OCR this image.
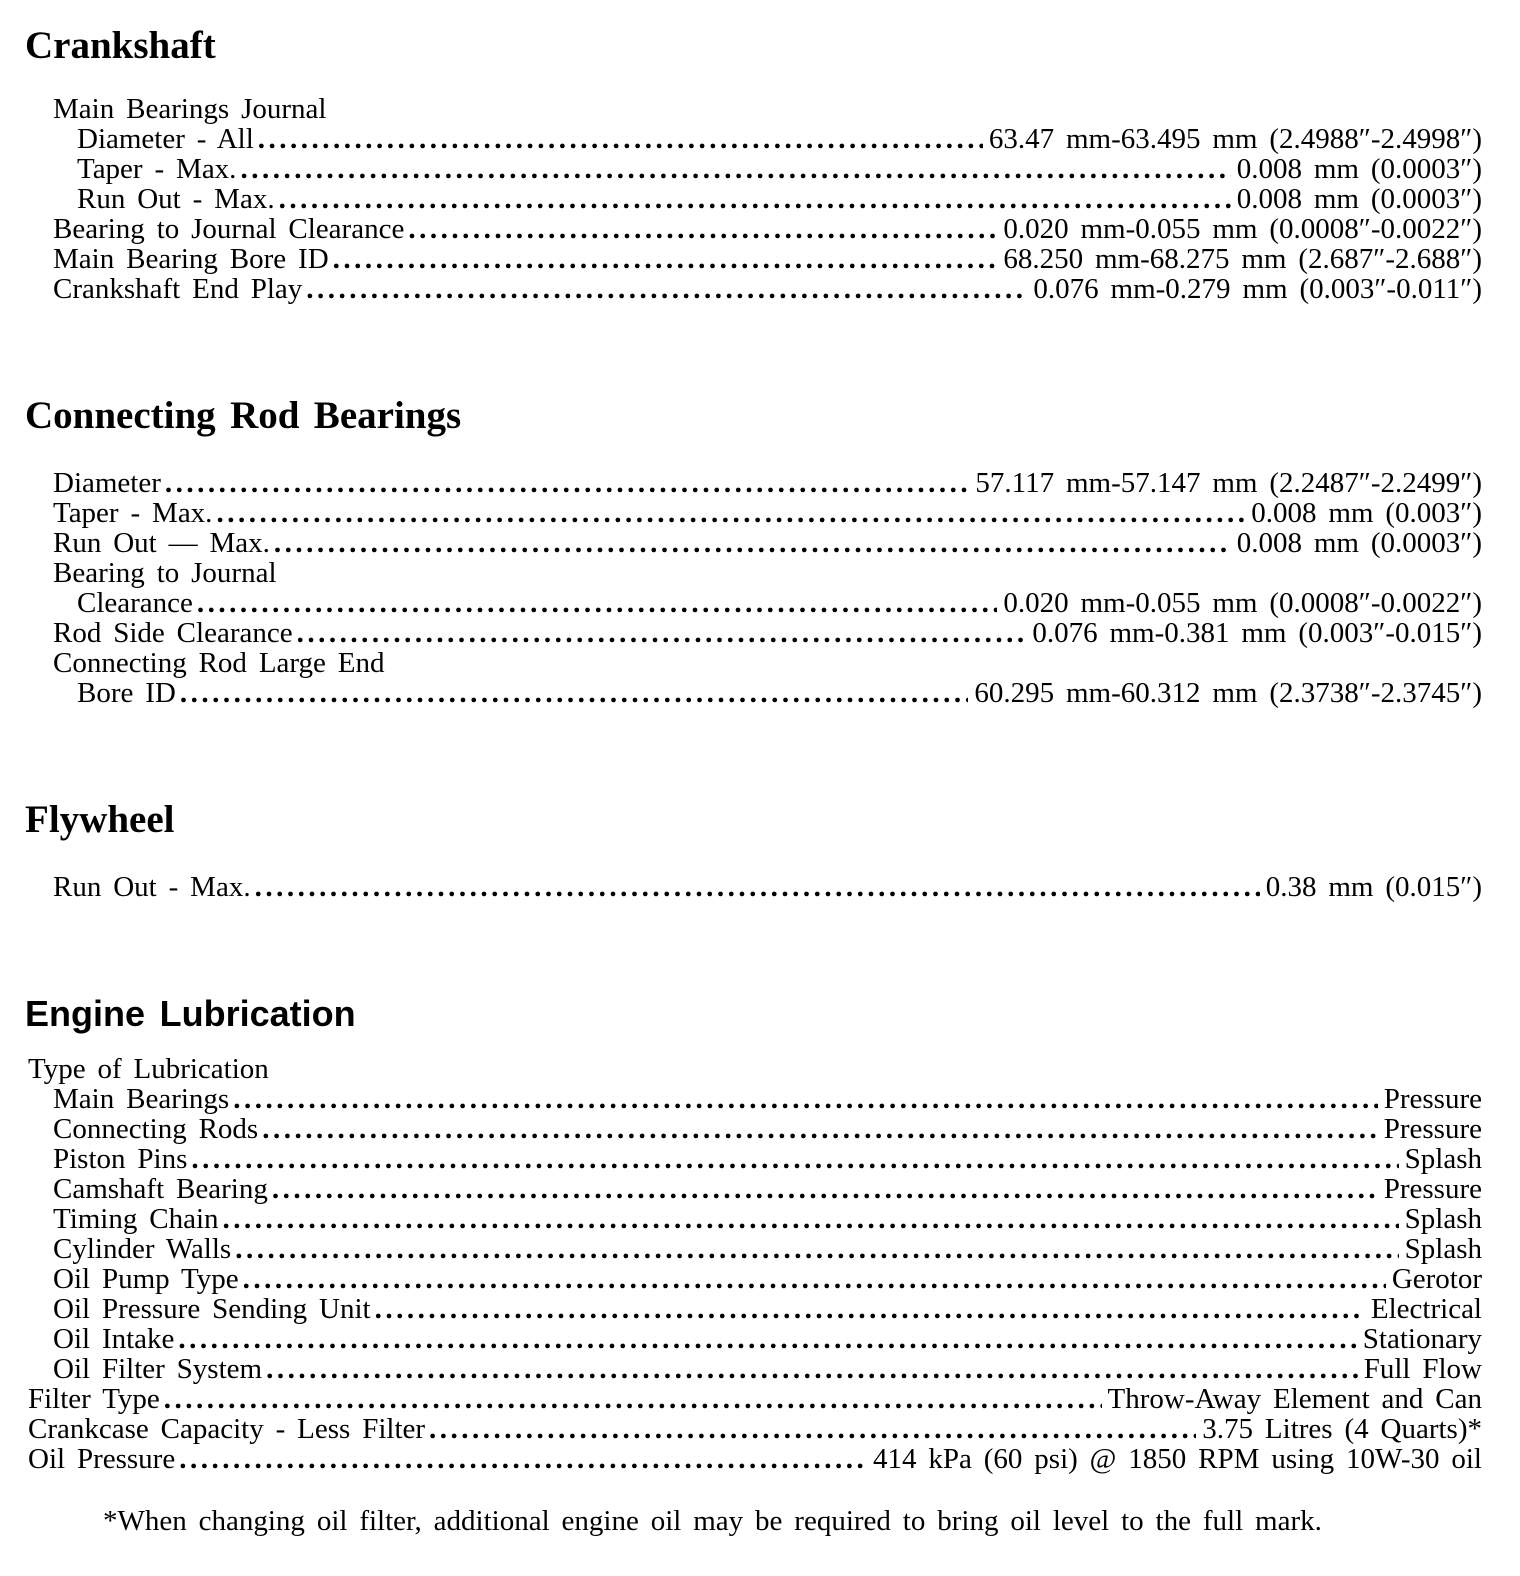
Crankshaft
Main Bearings Journal
Diameter - All .....	63.47 mm-63.495 mm (2.4988″-2.4998″)
Taper - Max. .....	0.008 mm (0.0003″)
Run Out - Max. .....	0.008 mm (0.0003″)
Bearing to Journal Clearance .....	0.020 mm-0.055 mm (0.0008″-0.0022″)
Main Bearing Bore ID .....	68.250 mm-68.275 mm (2.687″-2.688″)
Crankshaft End Play .....	0.076 mm-0.279 mm (0.003″-0.011″)
Connecting Rod Bearings
Diameter .....	57.117 mm-57.147 mm (2.2487″-2.2499″)
Taper - Max. .....	0.008 mm (0.003″)
Run Out — Max. .....	0.008 mm (0.0003″)
Bearing to Journal
Clearance .....	0.020 mm-0.055 mm (0.0008″-0.0022″)
Rod Side Clearance .....	0.076 mm-0.381 mm (0.003″-0.015″)
Connecting Rod Large End
Bore ID .....	60.295 mm-60.312 mm (2.3738″-2.3745″)
Flywheel
Run Out - Max. .....	0.38 mm (0.015″)
Engine Lubrication
Type of Lubrication
Main Bearings .....	Pressure
Connecting Rods .....	Pressure
Piston Pins .....	Splash
Camshaft Bearing .....	Pressure
Timing Chain .....	Splash
Cylinder Walls .....	Splash
Oil Pump Type .....	Gerotor
Oil Pressure Sending Unit .....	Electrical
Oil Intake .....	Stationary
Oil Filter System .....	Full Flow
Filter Type .....	Throw-Away Element and Can
Crankcase Capacity - Less Filter .....	3.75 Litres (4 Quarts)*
Oil Pressure .....	414 kPa (60 psi) @ 1850 RPM using 10W-30 oil

*When changing oil filter, additional engine oil may be required to bring oil level to the full mark.
